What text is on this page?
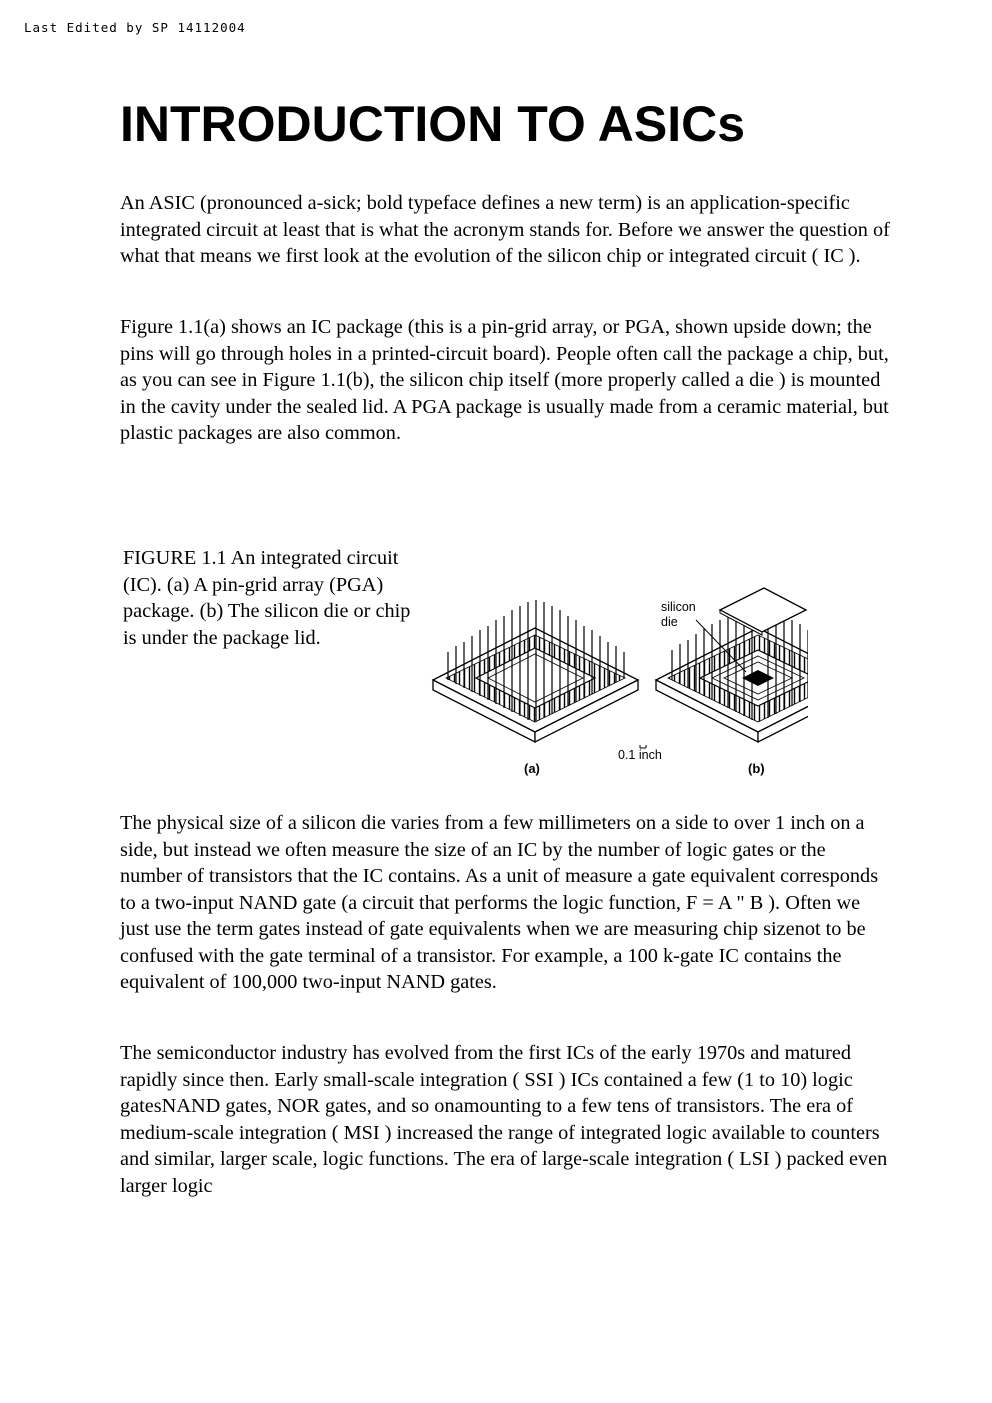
Last Edited by SP 14112004
INTRODUCTION TO ASICs

An ASIC (pronounced a-sick; bold typeface defines a new term) is an application-specific integrated circuit at least that is what the acronym stands for. Before we answer the question of what that means we first look at the evolution of the silicon chip or integrated circuit ( IC ).

Figure 1.1(a) shows an IC package (this is a pin-grid array, or PGA, shown upside down; the pins will go through holes in a printed-circuit board). People often call the package a chip, but, as you can see in Figure 1.1(b), the silicon chip itself (more properly called a die ) is mounted in the cavity under the sealed lid. A PGA package is usually made from a ceramic material, but plastic packages are also common.

FIGURE 1.1 An integrated circuit (IC). (a) A pin-grid array (PGA) package. (b) The silicon die or chip is under the package lid.

silicon
die
0.1 inch
(a)	(b)

The physical size of a silicon die varies from a few millimeters on a side to over 1 inch on a side, but instead we often measure the size of an IC by the number of logic gates or the number of transistors that the IC contains. As a unit of measure a gate equivalent corresponds to a two-input NAND gate (a circuit that performs the logic function, F = A " B ). Often we just use the term gates instead of gate equivalents when we are measuring chip sizenot to be confused with the gate terminal of a transistor. For example, a 100 k-gate IC contains the equivalent of 100,000 two-input NAND gates.

The semiconductor industry has evolved from the first ICs of the early 1970s and matured rapidly since then. Early small-scale integration ( SSI ) ICs contained a few (1 to 10) logic gatesNAND gates, NOR gates, and so onamounting to a few tens of transistors. The era of medium-scale integration ( MSI ) increased the range of integrated logic available to counters and similar, larger scale, logic functions. The era of large-scale integration ( LSI ) packed even larger logic
